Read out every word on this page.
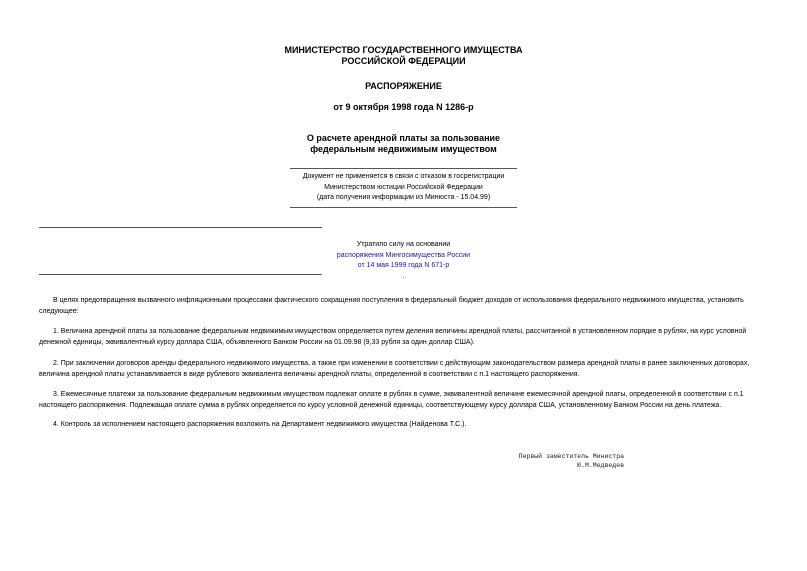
МИНИСТЕРСТВО ГОСУДАРСТВЕННОГО ИМУЩЕСТВА
РОССИЙСКОЙ ФЕДЕРАЦИИ
РАСПОРЯЖЕНИЕ
от 9 октября 1998 года N 1286-р
О расчете арендной платы за пользование
федеральным недвижимым имуществом
Документ не применяется в связи с отказом в госрегистрации
Министерством юстиции Российской Федерации
(дата получения информации из Минюста - 15.04.99)
Утратило силу на основании
распоряжения Мингосимущества России
от 14 мая 1999 года N 671-р
.

В целях предотвращения вызванного инфляционными процессами фактического сокращения поступления в федеральный бюджет доходов от использования федерального недвижимого имущества, установить следующее:

1. Величина арендной платы за пользование федеральным недвижимым имуществом определяется путем деления величины арендной платы, рассчитанной в установленном порядке в рублях, на курс условной денежной единицы, эквивалентный курсу доллара США, объявленного Банком России на 01.09.98 (9,33 рубля за один доллар США).

2. При заключении договоров аренды федерального недвижимого имущества, а также при изменении в соответствии с действующим законодательством размера арендной платы в ранее заключенных договорах, величина арендной платы устанавливается в виде рублевого эквивалента величины арендной платы, определенной в соответствии с п.1 настоящего распоряжения.

3. Ежемесячные платежи за пользование федеральным недвижимым имуществом подлежат оплате в рублях в сумме, эквивалентной величине ежемесячной арендной платы, определенной в соответствии с п.1 настоящего распоряжения. Подлежащая оплате сумма в рублях определяется по курсу условной денежной единицы, соответствующему курсу доллара США, установленному Банком России на день платежа.

4. Контроль за исполнением настоящего распоряжения возложить на Департамент недвижимого имущества (Найденова Т.С.).

Первый заместитель Министра
Ю.М.Медведев
